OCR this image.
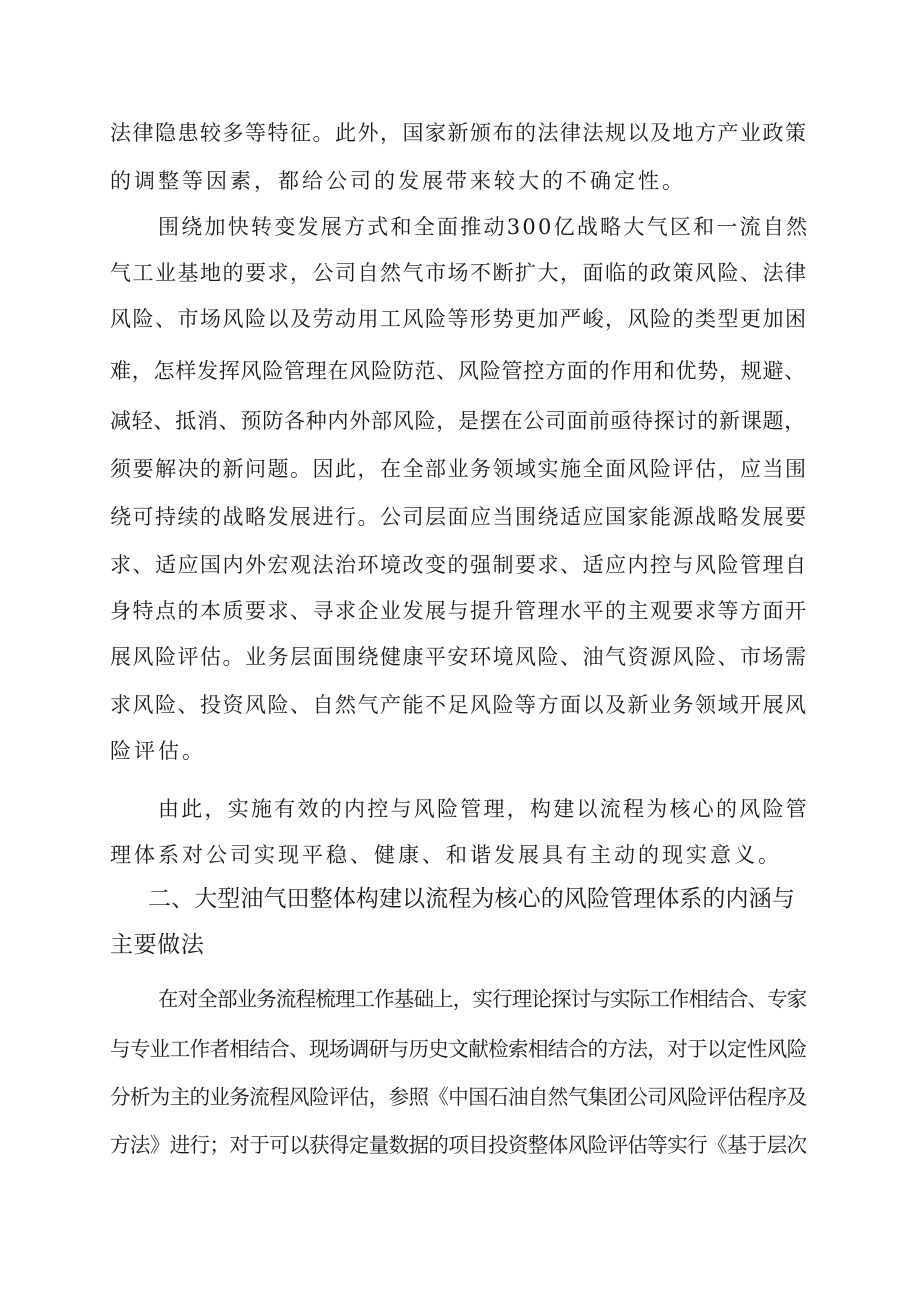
法律隐患较多等特征。此外，国家新颁布的法律法规以及地方产业政策
的调整等因素，都给公司的发展带来较大的不确定性。
围绕加快转变发展方式和全面推动300亿战略大气区和一流自然
气工业基地的要求，公司自然气市场不断扩大，面临的政策风险、法律
风险、市场风险以及劳动用工风险等形势更加严峻，风险的类型更加困
难，怎样发挥风险管理在风险防范、风险管控方面的作用和优势，规避、
减轻、抵消、预防各种内外部风险，是摆在公司面前亟待探讨的新课题，
须要解决的新问题。因此，在全部业务领域实施全面风险评估，应当围
绕可持续的战略发展进行。公司层面应当围绕适应国家能源战略发展要
求、适应国内外宏观法治环境改变的强制要求、适应内控与风险管理自
身特点的本质要求、寻求企业发展与提升管理水平的主观要求等方面开
展风险评估。业务层面围绕健康平安环境风险、油气资源风险、市场需
求风险、投资风险、自然气产能不足风险等方面以及新业务领域开展风
险评估。
由此，实施有效的内控与风险管理，构建以流程为核心的风险管
理体系对公司实现平稳、健康、和谐发展具有主动的现实意义。
二、大型油气田整体构建以流程为核心的风险管理体系的内涵与
主要做法
在对全部业务流程梳理工作基础上，实行理论探讨与实际工作相结合、专家
与专业工作者相结合、现场调研与历史文献检索相结合的方法，对于以定性风险
分析为主的业务流程风险评估，参照《中国石油自然气集团公司风险评估程序及
方法》进行；对于可以获得定量数据的项目投资整体风险评估等实行《基于层次
